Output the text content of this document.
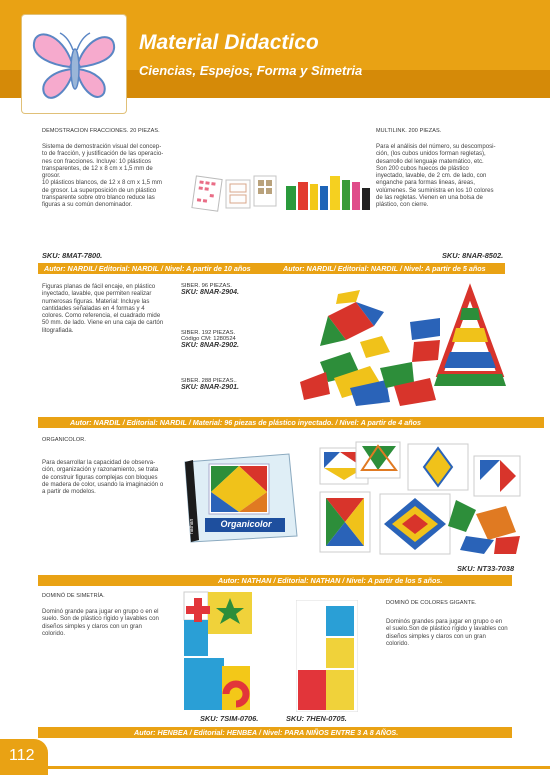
Material Didactico
Ciencias, Espejos, Forma y Simetria
DEMOSTRACION FRACCIONES. 20 PIEZAS.
Sistema de demostración visual del concep-
to de fracción, y justificación de las operacio-
nes con fracciones. Incluye: 10 plásticos
transparentes, de 12 x 8 cm x 1,5 mm de
grosor.
10 plásticos blancos, de 12 x 8 cm x 1,5 mm
de grosor. La superposición de un plástico
transparente sobre otro blanco reduce las
figuras a su común denominador.
MULTILINK. 200 PIEZAS.
Para el análisis del número, su descomposi-
ción, (los cubos unidos forman regletas),
desarrollo del lenguaje matemático, etc.
Son 200 cubos huecos de plástico
inyectado, lavable, de 2 cm. de lado, con
enganche para formas lineas, áreas,
volúmenes. Se suministra en los 10 colores
de las regletas. Vienen en una bolsa de
plástico, con cierre.
SKU: 8MAT-7800.	SKU: 8NAR-8502.
Autor: NARDIL/ Editorial: NARDIL / Nivel: A partir de 10 años	Autor: NARDIL/ Editorial: NARDIL / Nivel: A partir de 5 años
Figuras planas de fácil encaje, en plástico
inyectado, lavable, que permiten realizar
numerosas figuras. Material: Incluye las
cantidades señaladas en 4 formas y 4
colores. Como referencia, el cuadrado mide
50 mm. de lado. Viene en una caja de cartón
litografiada.
SIBER. 96 PIEZAS.
SKU: 8NAR-2904.
SIBER. 192 PIEZAS.
Código CM: 1280524
SKU: 8NAR-2902.
SIBER. 288 PIEZAS..
SKU: 8NAR-2901.
Autor: NARDIL / Editorial: NARDIL / Material: 96 piezas de plástico inyectado. / Nivel: A partir de 4 años
ORGANICOLOR.
Para desarrollar la capacidad de observa-
ción, organización y razonamiento, se trata
de construir figuras complejas con bloques
de madera de color, usando la imaginación o
a partir de modelos.
nathan	Organicolor
SKU: NT33-7038
Autor: NATHAN / Editorial: NATHAN / Nivel: A partir de los 5 años.
DOMINÓ DE SIMETRÍA.
Dominó grande para jugar en grupo o en el
suelo. Son de plástico rígido y lavables con
diseños simples y claros con un gran
colorido.
DOMINÓ DE COLORES GIGANTE.
Dominós grandes para jugar en grupo o en
el suelo.Son de plástico rígido y lavables con
diseños simples y claros con un gran
colorido.
SKU: 7SIM-0706.	SKU: 7HEN-0705.
Autor: HENBEA / Editorial: HENBEA / Nivel: PARA NIÑOS ENTRE 3 A 8 AÑOS.
112
